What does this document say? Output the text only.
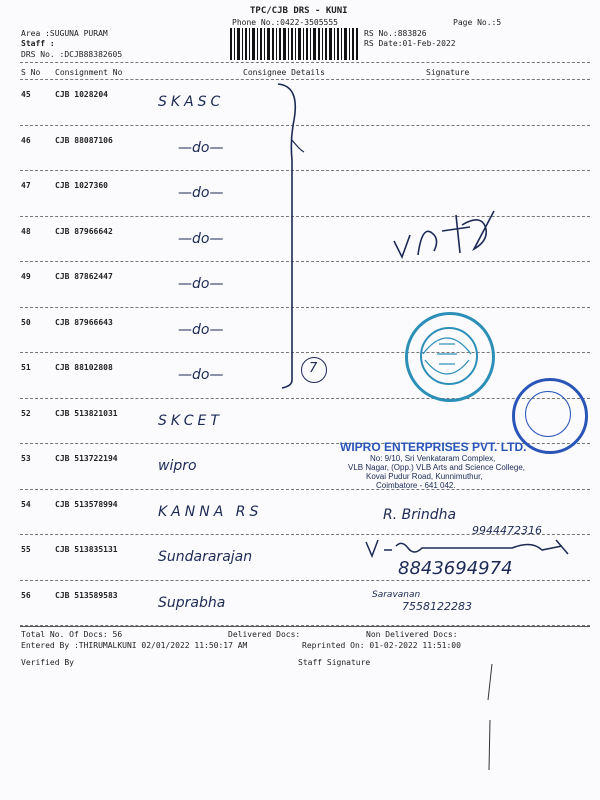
TPC/CJB DRS - KUNI
Phone No.:0422-3505555	Page No.:5
Area :SUGUNA PURAM
Staff :
DRS No. :DCJB88382605
RS No.:883826
RS Date:01-Feb-2022
S No Consignment No	Consignee Details	Signature
45	CJB 1028204	SKASC
46	CJB 88087106	—do—
47	CJB 1027360	—do—
48	CJB 87966642	—do—
49	CJB 87862447	—do—
50	CJB 87966643	—do—
51	CJB 88102808	—do—
52	CJB 513821031	SKCET
53	CJB 513722194	wipro
54	CJB 513578994	KANNA RS
55	CJB 513835131	Sundararajan
56	CJB 513589583	Suprabha
7
WIPRO ENTERPRISES PVT. LTD.
No: 9/10, Sri Venkataram Complex,
VLB Nagar, (Opp.) VLB Arts and Science College,
Kovai Pudur Road, Kunnimuthur,
Coimbatore - 641 042.
R. Brindha
9944472316
8843694974
Saravanan
7558122283
Total No. Of Docs: 56	Delivered Docs:	Non Delivered Docs:
Entered By :THIRUMALKUNI 02/01/2022 11:50:17 AM	Reprinted On: 01-02-2022 11:51:00
Verified By	Staff Signature
